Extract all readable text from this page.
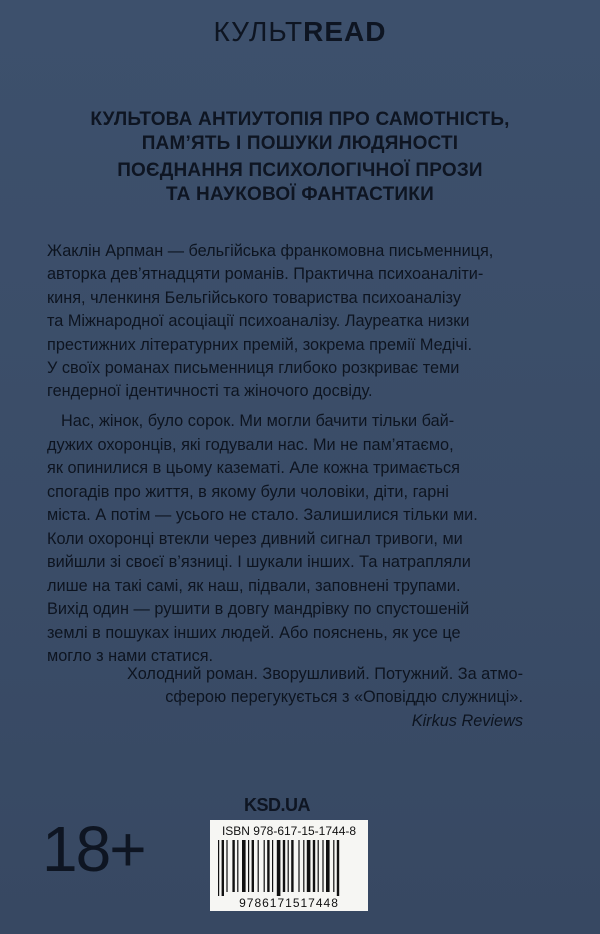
КУЛЬТREAD
КУЛЬТОВА АНТИУТОПІЯ ПРО САМОТНІСТЬ,
ПАМ’ЯТЬ І ПОШУКИ ЛЮДЯНОСТІ
ПОЄДНАННЯ ПСИХОЛОГІЧНОЇ ПРОЗИ
ТА НАУКОВОЇ ФАНТАСТИКИ
Жаклін Арпман — бельгійська франкомовна письменниця,
авторка дев’ятнадцяти романів. Практична психоаналіти-
киня, членкиня Бельгійського товариства психоаналізу
та Міжнародної асоціації психоаналізу. Лауреатка низки
престижних літературних премій, зокрема премії Медічі.
У своїх романах письменниця глибоко розкриває теми
гендерної ідентичності та жіночого досвіду.
Нас, жінок, було сорок. Ми могли бачити тільки бай-
дужих охоронців, які годували нас. Ми не пам’ятаємо,
як опинилися в цьому казематі. Але кожна тримається
спогадів про життя, в якому були чоловіки, діти, гарні
міста. А потім — усього не стало. Залишилися тільки ми.
Коли охоронці втекли через дивний сигнал тривоги, ми
вийшли зі своєї в’язниці. І шукали інших. Та натрапляли
лише на такі самі, як наш, підвали, заповнені трупами.
Вихід один — рушити в довгу мандрівку по спустошеній
землі в пошуках інших людей. Або пояснень, як усе це
могло з нами статися.
Холодний роман. Зворушливий. Потужний. За атмо-
сферою перегукується з «Оповіддю служниці».
Kirkus Reviews
KSD.UA
18+	ISBN 978-617-15-1744-8
9786171517448
